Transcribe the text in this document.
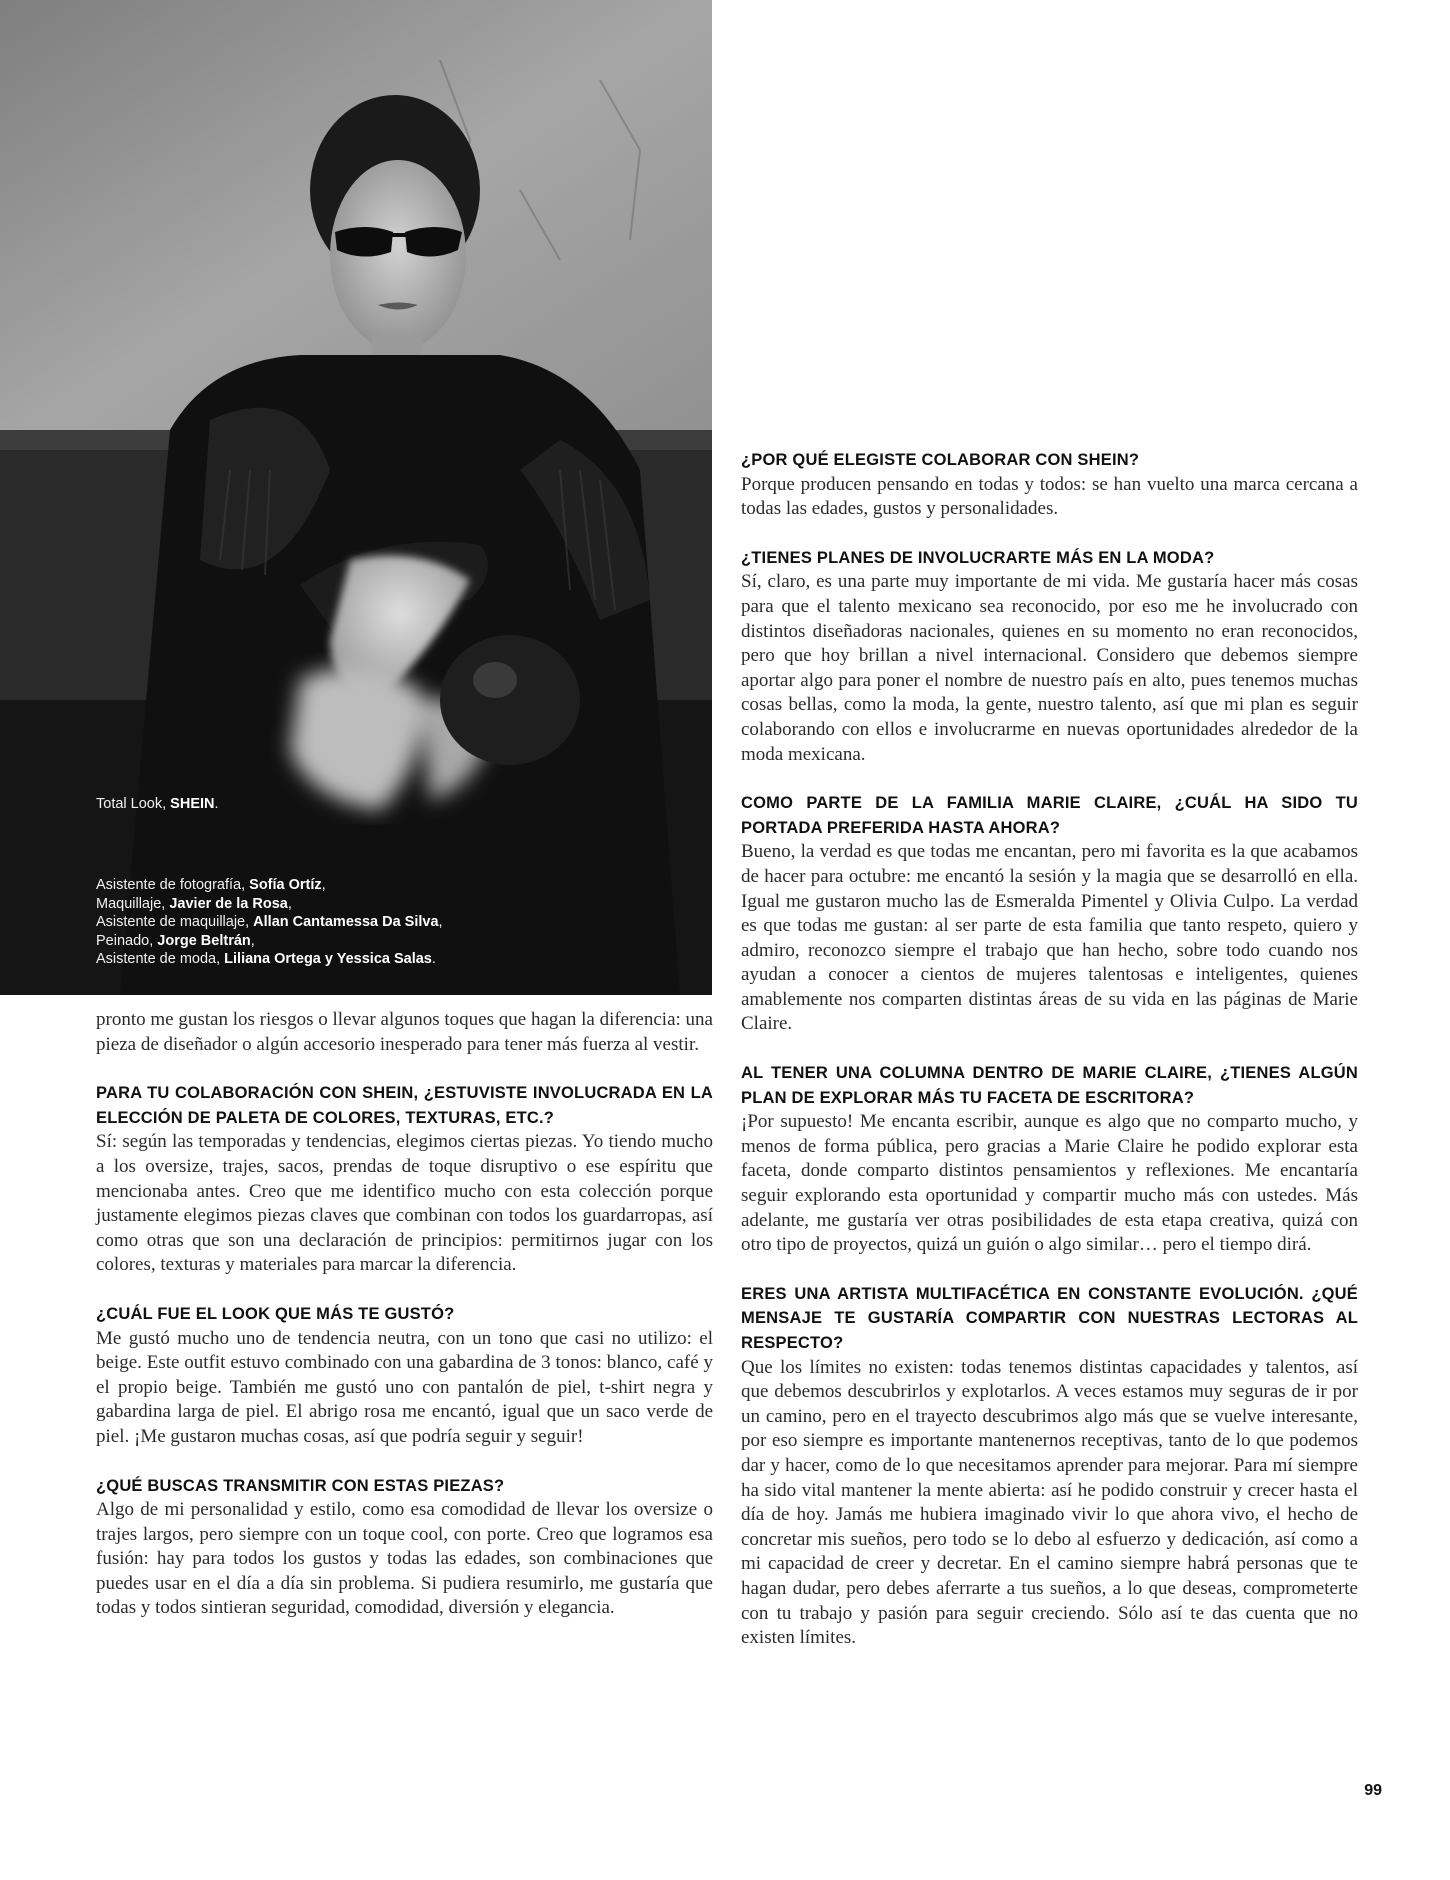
Total Look, SHEIN.
Asistente de fotografía, Sofía Ortíz,
Maquillaje, Javier de la Rosa,
Asistente de maquillaje, Allan Cantamessa Da Silva,
Peinado, Jorge Beltrán,
Asistente de moda, Liliana Ortega y Yessica Salas.

pronto me gustan los riesgos o llevar algunos toques que hagan la diferencia: una pieza de diseñador o algún accesorio inesperado para tener más fuerza al vestir.

PARA TU COLABORACIÓN CON SHEIN, ¿ESTUVISTE INVOLUCRADA EN LA ELECCIÓN DE PALETA DE COLORES, TEXTURAS, ETC.?

Sí: según las temporadas y tendencias, elegimos ciertas piezas. Yo tiendo mucho a los oversize, trajes, sacos, prendas de toque disruptivo o ese espíritu que mencionaba antes. Creo que me identifico mucho con esta colección porque justamente elegimos piezas claves que combinan con todos los guardarropas, así como otras que son una declaración de principios: permitirnos jugar con los colores, texturas y materiales para marcar la diferencia.

¿CUÁL FUE EL LOOK QUE MÁS TE GUSTÓ?

Me gustó mucho uno de tendencia neutra, con un tono que casi no utilizo: el beige. Este outfit estuvo combinado con una gabardina de 3 tonos: blanco, café y el propio beige. También me gustó uno con pantalón de piel, t-shirt negra y gabardina larga de piel. El abrigo rosa me encantó, igual que un saco verde de piel. ¡Me gustaron muchas cosas, así que podría seguir y seguir!

¿QUÉ BUSCAS TRANSMITIR CON ESTAS PIEZAS?

Algo de mi personalidad y estilo, como esa comodidad de llevar los oversize o trajes largos, pero siempre con un toque cool, con porte. Creo que logramos esa fusión: hay para todos los gustos y todas las edades, son combinaciones que puedes usar en el día a día sin problema. Si pudiera resumirlo, me gustaría que todas y todos sintieran seguridad, comodidad, diversión y elegancia.

¿POR QUÉ ELEGISTE COLABORAR CON SHEIN?

Porque producen pensando en todas y todos: se han vuelto una marca cercana a todas las edades, gustos y personalidades.

¿TIENES PLANES DE INVOLUCRARTE MÁS EN LA MODA?

Sí, claro, es una parte muy importante de mi vida. Me gustaría hacer más cosas para que el talento mexicano sea reconocido, por eso me he involucrado con distintos diseñadoras nacionales, quienes en su momento no eran reconocidos, pero que hoy brillan a nivel internacional. Considero que debemos siempre aportar algo para poner el nombre de nuestro país en alto, pues tenemos muchas cosas bellas, como la moda, la gente, nuestro talento, así que mi plan es seguir colaborando con ellos e involucrarme en nuevas oportunidades alrededor de la moda mexicana.

COMO PARTE DE LA FAMILIA MARIE CLAIRE, ¿CUÁL HA SIDO TU PORTADA PREFERIDA HASTA AHORA?

Bueno, la verdad es que todas me encantan, pero mi favorita es la que acabamos de hacer para octubre: me encantó la sesión y la magia que se desarrolló en ella. Igual me gustaron mucho las de Esmeralda Pimentel y Olivia Culpo. La verdad es que todas me gustan: al ser parte de esta familia que tanto respeto, quiero y admiro, reconozco siempre el trabajo que han hecho, sobre todo cuando nos ayudan a conocer a cientos de mujeres talentosas e inteligentes, quienes amablemente nos comparten distintas áreas de su vida en las páginas de Marie Claire.

AL TENER UNA COLUMNA DENTRO DE MARIE CLAIRE, ¿TIENES ALGÚN PLAN DE EXPLORAR MÁS TU FACETA DE ESCRITORA?

¡Por supuesto! Me encanta escribir, aunque es algo que no comparto mucho, y menos de forma pública, pero gracias a Marie Claire he podido explorar esta faceta, donde comparto distintos pensamientos y reflexiones. Me encantaría seguir explorando esta oportunidad y compartir mucho más con ustedes. Más adelante, me gustaría ver otras posibilidades de esta etapa creativa, quizá con otro tipo de proyectos, quizá un guión o algo similar… pero el tiempo dirá.

ERES UNA ARTISTA MULTIFACÉTICA EN CONSTANTE EVOLUCIÓN. ¿QUÉ MENSAJE TE GUSTARÍA COMPARTIR CON NUESTRAS LECTORAS AL RESPECTO?

Que los límites no existen: todas tenemos distintas capacidades y talentos, así que debemos descubrirlos y explotarlos. A veces estamos muy seguras de ir por un camino, pero en el trayecto descubrimos algo más que se vuelve interesante, por eso siempre es importante mantenernos receptivas, tanto de lo que podemos dar y hacer, como de lo que necesitamos aprender para mejorar. Para mí siempre ha sido vital mantener la mente abierta: así he podido construir y crecer hasta el día de hoy. Jamás me hubiera imaginado vivir lo que ahora vivo, el hecho de concretar mis sueños, pero todo se lo debo al esfuerzo y dedicación, así como a mi capacidad de creer y decretar. En el camino siempre habrá personas que te hagan dudar, pero debes aferrarte a tus sueños, a lo que deseas, comprometerte con tu trabajo y pasión para seguir creciendo. Sólo así te das cuenta que no existen límites.

99
